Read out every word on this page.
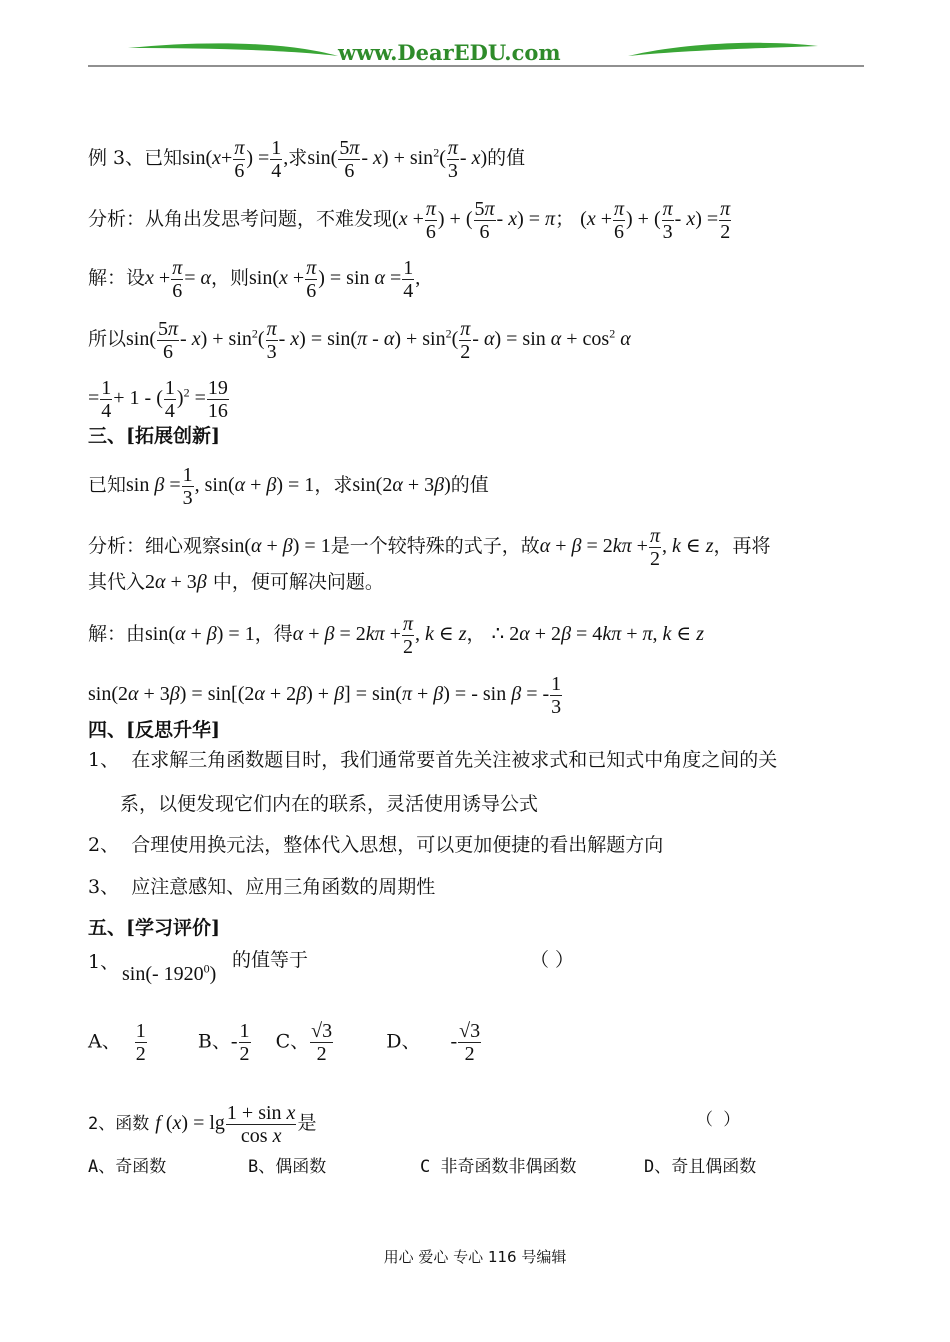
www.DearEDU.com
例 3、已知$\sin(x+ \frac{\pi}{6}$ ) = $\frac{1}{4}$ ,求$\sin( \frac{5\pi}{6} - x) + \sin^2( \frac{\pi}{3} - x)$的值
分析：从角出发思考问题，不难发现($x + \frac{\pi}{6}$ ) + ( $\frac{5\pi}{6} - x) = \pi$； ($x + \frac{\pi}{6}$ ) + ( $\frac{\pi}{3} - x) = \frac{\pi}{2}$
解：设$x + \frac{\pi}{6} = \alpha$，则$\sin(x + \frac{\pi}{6}$ ) = $\sin \alpha = \frac{1}{4}$ ,
所以$\sin( \frac{5\pi}{6} - x) + \sin^2( \frac{\pi}{3} - x) = \sin(\pi - \alpha) + \sin^2( \frac{\pi}{2} - \alpha) = \sin \alpha + \cos^2 \alpha$
= $\frac{1}{4} + 1$ - ( $\frac{1}{4} )^2 = \frac{19}{16}$
三、[拓展创新]
已知$\sin \beta = \frac{1}{3}$ , sin(α + β) = 1，求sin(2α + 3β)的值
分析：细心观察sin(α + β) = 1是一个较特殊的式子，故$\alpha + \beta = 2k\pi + \frac{\pi}{2}$ , k ∈ z，再将
其代入2α + 3β 中，便可解决问题。
解：由sin(α + β) = 1，得$\alpha + \beta = 2k\pi + \frac{\pi}{2}$ , k ∈ z， ∴ 2α + 2β = 4kπ + π, k ∈ z
sin(2α + 3β) = sin[(2α + 2β) + β] = sin(π + β) = - sin β = - $\frac{1}{3}$
四、[反思升华]
1、 在求解三角函数题目时，我们通常要首先关注被求式和已知式中角度之间的关
系，以便发现它们内在的联系，灵活使用诱导公式
2、 合理使用换元法，整体代入思想，可以更加便捷的看出解题方向
3、 应注意感知、应用三角函数的周期性
五、[学习评价]
1、
sin(- 1920$^0$)
的值等于	（ ）
A、 $\frac{1}{2}$	B、- $\frac{1}{2}$ C、 $\frac{√3}{2}$	D、 - $\frac{√3}{2}$
2、函数 f $(x) = \lg \frac{\text{1 + sin x}}{\text{cos x}}$ 是	（ ）
A、奇函数	B、偶函数	C 非奇函数非偶函数	D、奇且偶函数
用心 爱心 专心 116 号编辑
